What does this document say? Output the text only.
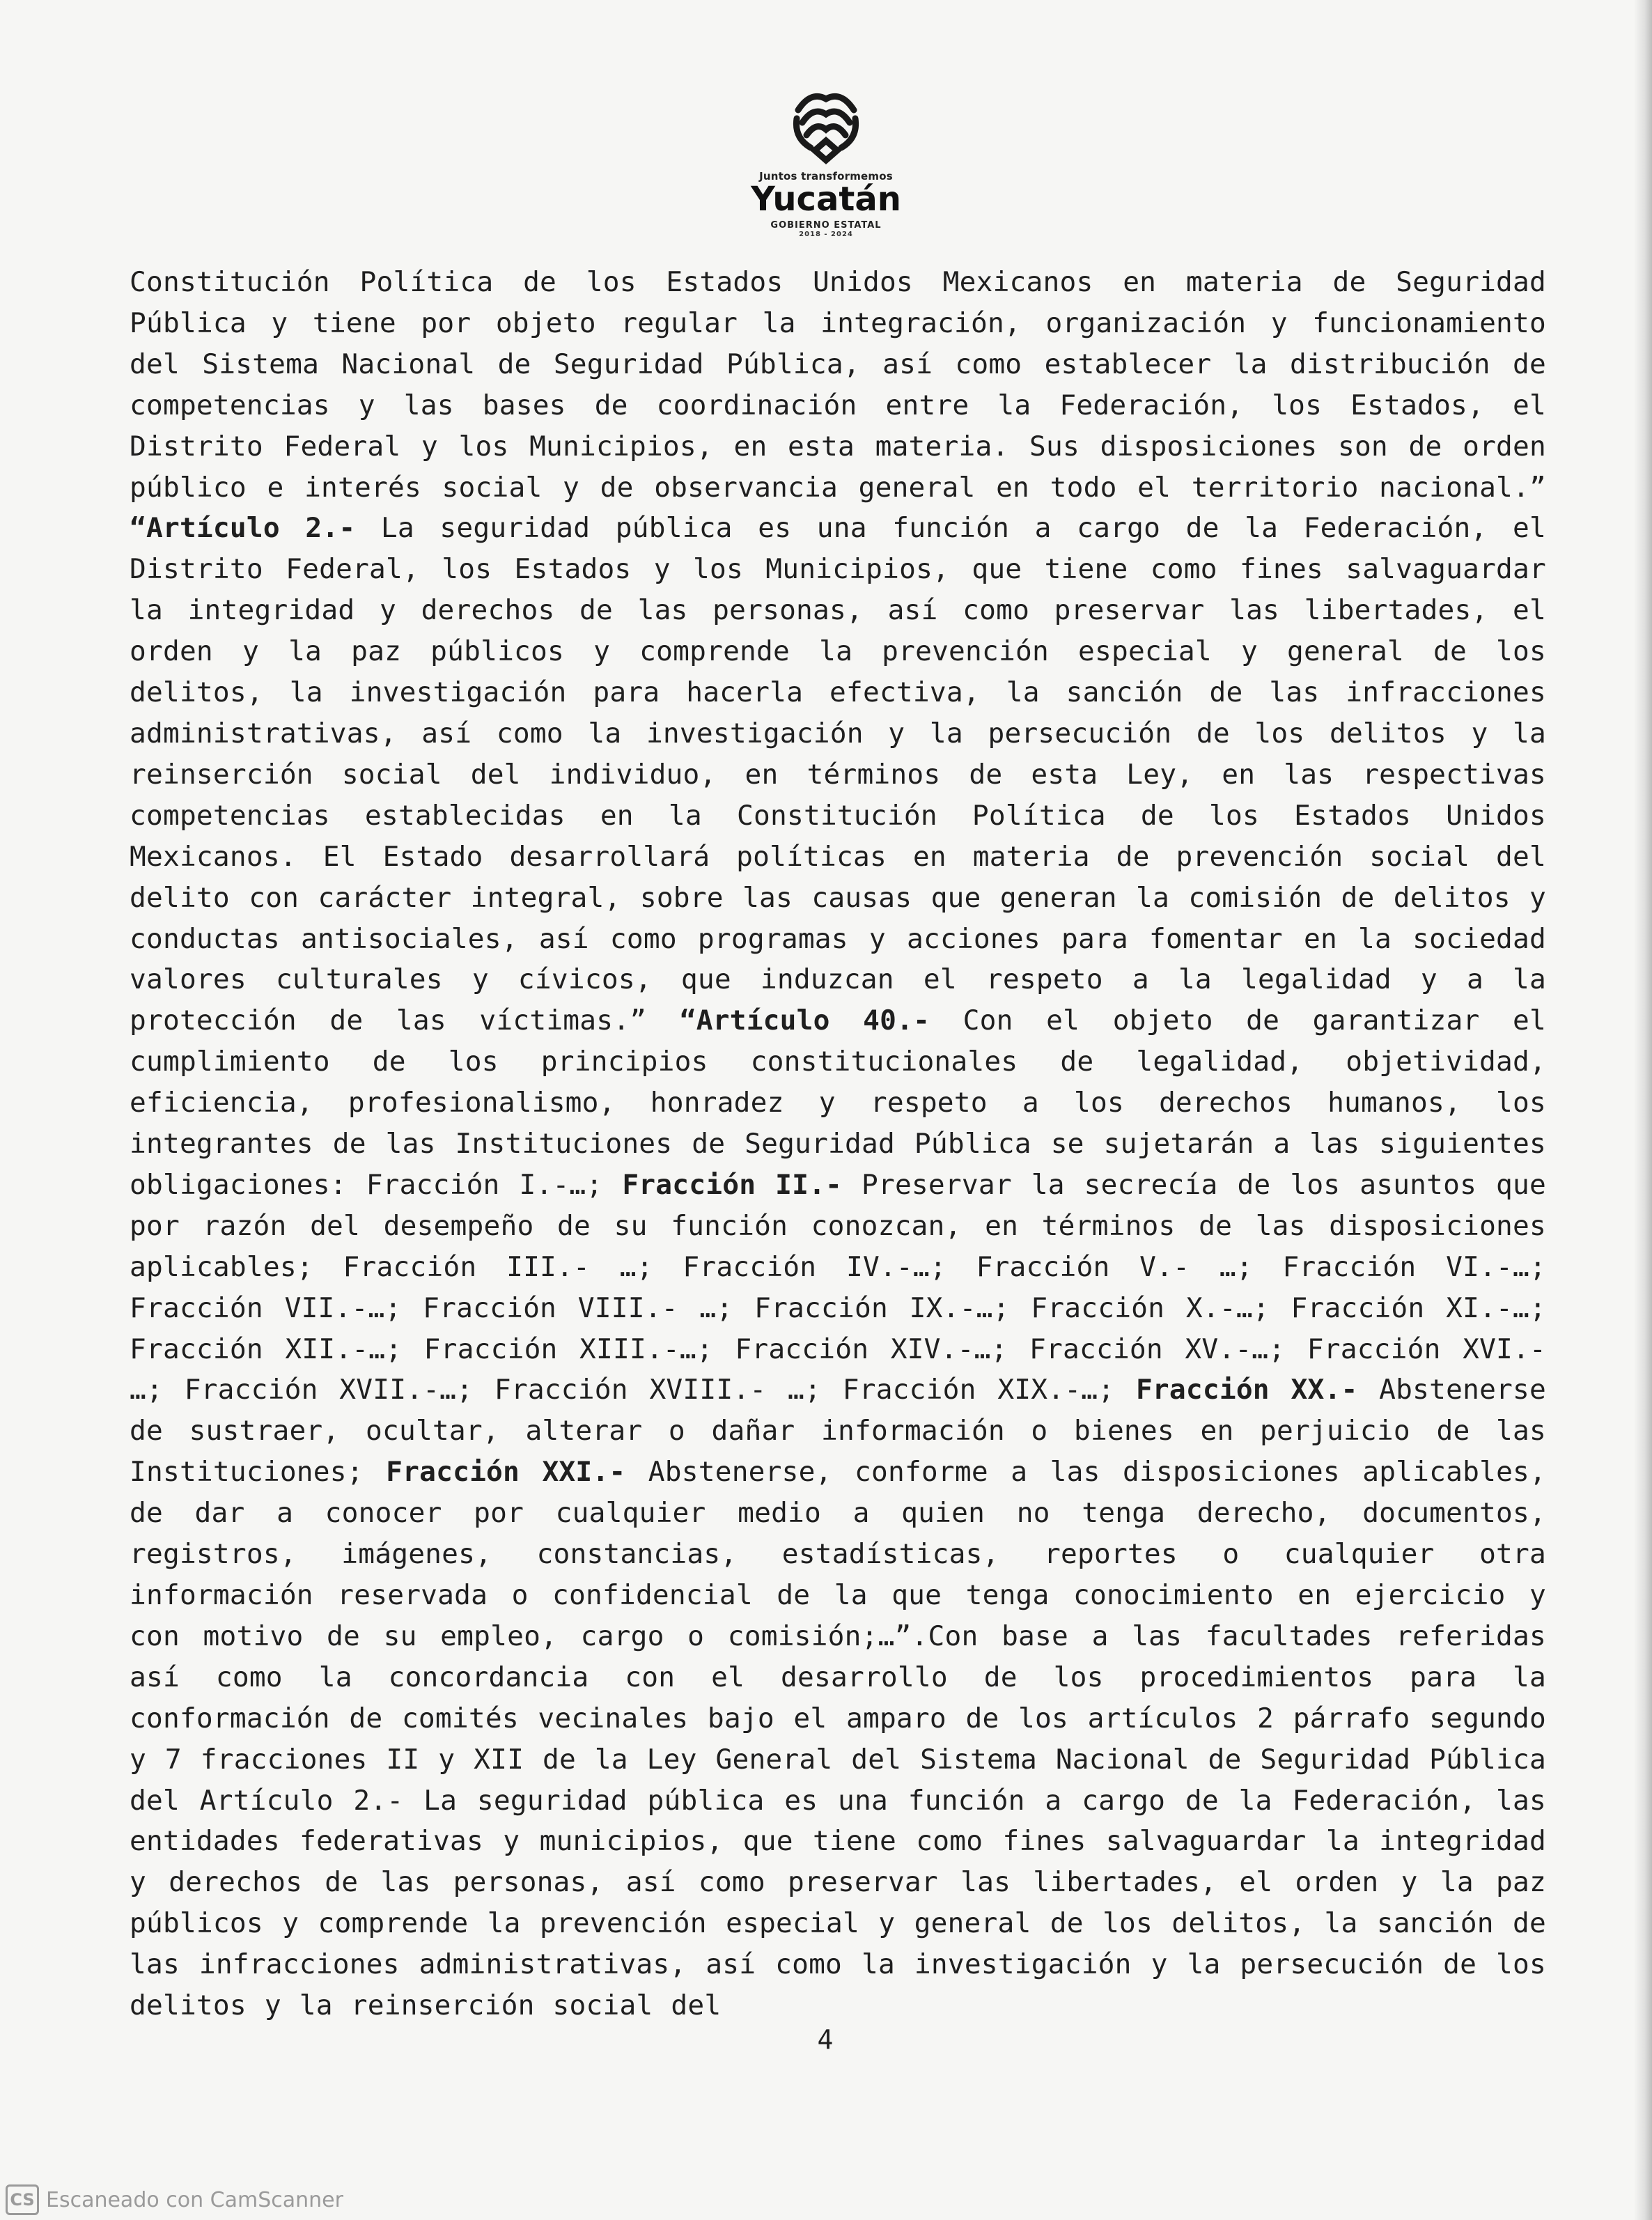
Juntos transformemos
Yucatán
GOBIERNO ESTATAL
2018 - 2024
Constitución Política de los Estados Unidos Mexicanos en materia de Seguridad Pública y tiene por objeto regular la integración, organización y funcionamiento del Sistema Nacional de Seguridad Pública, así como establecer la distribución de competencias y las bases de coordinación entre la Federación, los Estados, el Distrito Federal y los Municipios, en esta materia. Sus disposiciones son de orden público e interés social y de observancia general en todo el territorio nacional.” “Artículo 2.- La seguridad pública es una función a cargo de la Federación, el Distrito Federal, los Estados y los Municipios, que tiene como fines salvaguardar la integridad y derechos de las personas, así como preservar las libertades, el orden y la paz públicos y comprende la prevención especial y general de los delitos, la investigación para hacerla efectiva, la sanción de las infracciones administrativas, así como la investigación y la persecución de los delitos y la reinserción social del individuo, en términos de esta Ley, en las respectivas competencias establecidas en la Constitución Política de los Estados Unidos Mexicanos. El Estado desarrollará políticas en materia de prevención social del delito con carácter integral, sobre las causas que generan la comisión de delitos y conductas antisociales, así como programas y acciones para fomentar en la sociedad valores culturales y cívicos, que induzcan el respeto a la legalidad y a la protección de las víctimas.” “Artículo 40.- Con el objeto de garantizar el cumplimiento de los principios constitucionales de legalidad, objetividad, eficiencia, profesionalismo, honradez y respeto a los derechos humanos, los integrantes de las Instituciones de Seguridad Pública se sujetarán a las siguientes obligaciones: Fracción I.-…; Fracción II.- Preservar la secrecía de los asuntos que por razón del desempeño de su función conozcan, en términos de las disposiciones aplicables; Fracción III.- …; Fracción IV.-…; Fracción V.- …; Fracción VI.-…; Fracción VII.-…; Fracción VIII.- …; Fracción IX.-…; Fracción X.-…; Fracción XI.-…; Fracción XII.-…; Fracción XIII.-…; Fracción XIV.-…; Fracción XV.-…; Fracción XVI.- …; Fracción XVII.-…; Fracción XVIII.- …; Fracción XIX.-…; Fracción XX.- Abstenerse de sustraer, ocultar, alterar o dañar información o bienes en perjuicio de las Instituciones; Fracción XXI.- Abstenerse, conforme a las disposiciones aplicables, de dar a conocer por cualquier medio a quien no tenga derecho, documentos, registros, imágenes, constancias, estadísticas, reportes o cualquier otra información reservada o confidencial de la que tenga conocimiento en ejercicio y con motivo de su empleo, cargo o comisión;…”.Con base a las facultades referidas así como la concordancia con el desarrollo de los procedimientos para la conformación de comités vecinales bajo el amparo de los artículos 2 párrafo segundo y 7 fracciones II y XII de la Ley General del Sistema Nacional de Seguridad Pública del Artículo 2.- La seguridad pública es una función a cargo de la Federación, las entidades federativas y municipios, que tiene como fines salvaguardar la integridad y derechos de las personas, así como preservar las libertades, el orden y la paz públicos y comprende la prevención especial y general de los delitos, la sanción de las infracciones administrativas, así como la investigación y la persecución de los delitos y la reinserción social del
4
CS Escaneado con CamScanner
